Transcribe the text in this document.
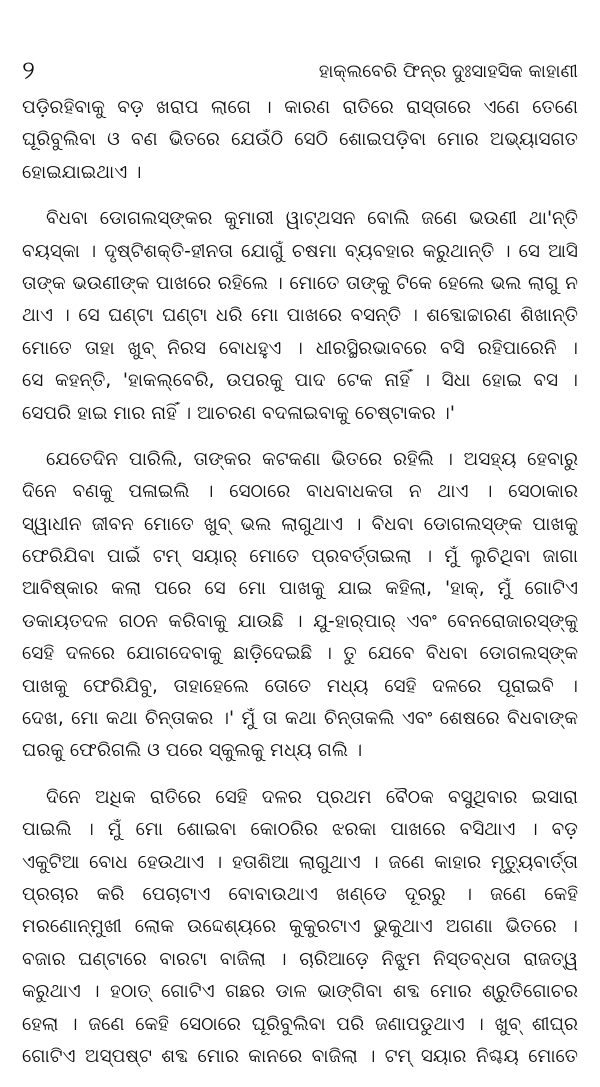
୨	ହାକ୍‌ଲବେରି ଫିନ୍‌ର ଦୁଃସାହସିକ କାହାଣୀ
ପଡ଼ିରହିବାକୁ ବଡ଼ ଖରାପ ଲାଗେ । କାରଣ ରାତିରେ ରାସ୍ତାରେ ଏଣେ ତେଣେ
ଘୂରିବୁଲିବା ଓ ବଣ ଭିତରେ ଯେଉଁଠି ସେଠି ଶୋଇପଡ଼ିବା ମୋର ଅଭ୍ୟାସଗତ
ହୋଇଯାଇଥାଏ ।
ବିଧବା ଡୋଗଲସ୍‌ଙ୍କର କୁମାରୀ ୱାଟ୍‌ଥସନ ବୋଲି ଜଣେ ଭଉଣୀ ଥା'ନ୍ତି
ବୟସ୍କା । ଦୃଷ୍ଟିଶକ୍ତି-ହୀନତା ଯୋଗୁଁ ଚଷମା ବ୍ୟବହାର କରୁଥାନ୍ତି । ସେ ଆସି
ତାଙ୍କ ଭଉଣୀଙ୍କ ପାଖରେ ରହିଲେ । ମୋତେ ତାଙ୍କୁ ଟିକେ ହେଲେ ଭଲ ଲାଗୁ ନ
ଥାଏ । ସେ ଘଣ୍ଟା ଘଣ୍ଟା ଧରି ମୋ ପାଖରେ ବସନ୍ତି । ଶବ୍ଦୋଚ୍ଚାରଣ ଶିଖାନ୍ତି
ମୋତେ ତାହା ଖୁବ୍ ନିରସ ବୋଧହୁଏ । ଧୀରସ୍ଥିରଭାବରେ ବସି ରହିପାରେନି ।
ସେ କହନ୍ତି, 'ହାକଲ୍‌ବେରି, ଉପରକୁ ପାଦ ଟେକ ନାହିଁ । ସିଧା ହୋଇ ବସ ।
ସେପରି ହାଇ ମାର ନାହିଁ । ଆଚରଣ ବଦଳାଇବାକୁ ଚେଷ୍ଟାକର ।'
ଯେତେଦିନ ପାରିଲି, ତାଙ୍କର କଟକଣା ଭିତରେ ରହିଲି । ଅସହ୍ୟ ହେବାରୁ
ଦିନେ ବଣକୁ ପଳାଇଲି । ସେଠାରେ ବାଧବାଧକତା ନ ଥାଏ । ସେଠାକାର
ସ୍ୱାଧୀନ ଜୀବନ ମୋତେ ଖୁବ୍ ଭଲ ଲାଗୁଥାଏ । ବିଧବା ଡୋଗଲସ୍‌ଙ୍କ ପାଖକୁ
ଫେରିଯିବା ପାଇଁ ଟମ୍ ସୟାର୍ ମୋତେ ପ୍ରବର୍ତ୍ତାଇଲା । ମୁଁ ଲୁଚିଥିବା ଜାଗା
ଆବିଷ୍କାର କଲା ପରେ ସେ ମୋ ପାଖକୁ ଯାଇ କହିଲା, 'ହାକ୍, ମୁଁ ଗୋଟିଏ
ଡକାୟତଦଳ ଗଠନ କରିବାକୁ ଯାଉଛି । ଯୁ-ହାର୍‌ପାର୍ ଏବଂ ବେନରୋଜାରସ୍‌ଙ୍କୁ
ସେହି ଦଳରେ ଯୋଗଦେବାକୁ ଛାଡ଼ିଦେଇଛି । ତୁ ଯେବେ ବିଧବା ଡୋଗଲସ୍‌ଙ୍କ
ପାଖକୁ ଫେରିଯିବୁ, ତାହାହେଲେ ତୋତେ ମଧ୍ୟ ସେହି ଦଳରେ ପୂରାଇବି ।
ଦେଖ, ମୋ କଥା ଚିନ୍ତାକର ।' ମୁଁ ତା କଥା ଚିନ୍ତାକଲି ଏବଂ ଶେଷରେ ବିଧବାଙ୍କ
ଘରକୁ ଫେରିଗଲି ଓ ପରେ ସ୍କୁଲକୁ ମଧ୍ୟ ଗଲି ।
ଦିନେ ଅଧିକ ରାତିରେ ସେହି ଦଳର ପ୍ରଥମ ବୈଠକ ବସୁଥିବାର ଇସାରା
ପାଇଲି । ମୁଁ ମୋ ଶୋଇବା କୋଠରିର ଝରକା ପାଖରେ ବସିଥାଏ । ବଡ଼
ଏକୁଟିଆ ବୋଧ ହେଉଥାଏ । ହତାଶିଆ ଲାଗୁଥାଏ । ଜଣେ କାହାର ମୃତ୍ୟୁବାର୍ତ୍ତା
ପ୍ରଚାର କରି ପେଚାଟାଏ ବୋବାଉଥାଏ ଖଣ୍ଡେ ଦୂରରୁ । ଜଣେ କେହି
ମରଣୋନ୍ମୁଖୀ ଲୋକ ଉଦ୍ଦେଶ୍ୟରେ କୁକୁରଟାଏ ଭୁକୁଥାଏ ଅଗଣା ଭିତରେ ।
ବଜାର ଘଣ୍ଟାରେ ବାରଟା ବାଜିଲା । ଚାରିଆଡ଼େ ନିଝୁମ ନିସ୍ତବ୍ଧତା ରାଜତ୍ୱ
କରୁଥାଏ । ହଠାତ୍ ଗୋଟିଏ ଗଛର ଡାଳ ଭାଙ୍ଗିବା ଶବ୍ଦ ମୋର ଶ୍ରୁତିଗୋଚର
ହେଲା । ଜଣେ କେହି ସେଠାରେ ଘୂରିବୁଲିବା ପରି ଜଣାପଡୁଥାଏ । ଖୁବ୍ ଶୀଘ୍ର
ଗୋଟିଏ ଅସ୍ପଷ୍ଟ ଶବ୍ଦ ମୋର କାନରେ ବାଜିଲା । ଟମ୍ ସୟାର ନିଶ୍ଚୟ ମୋତେ
